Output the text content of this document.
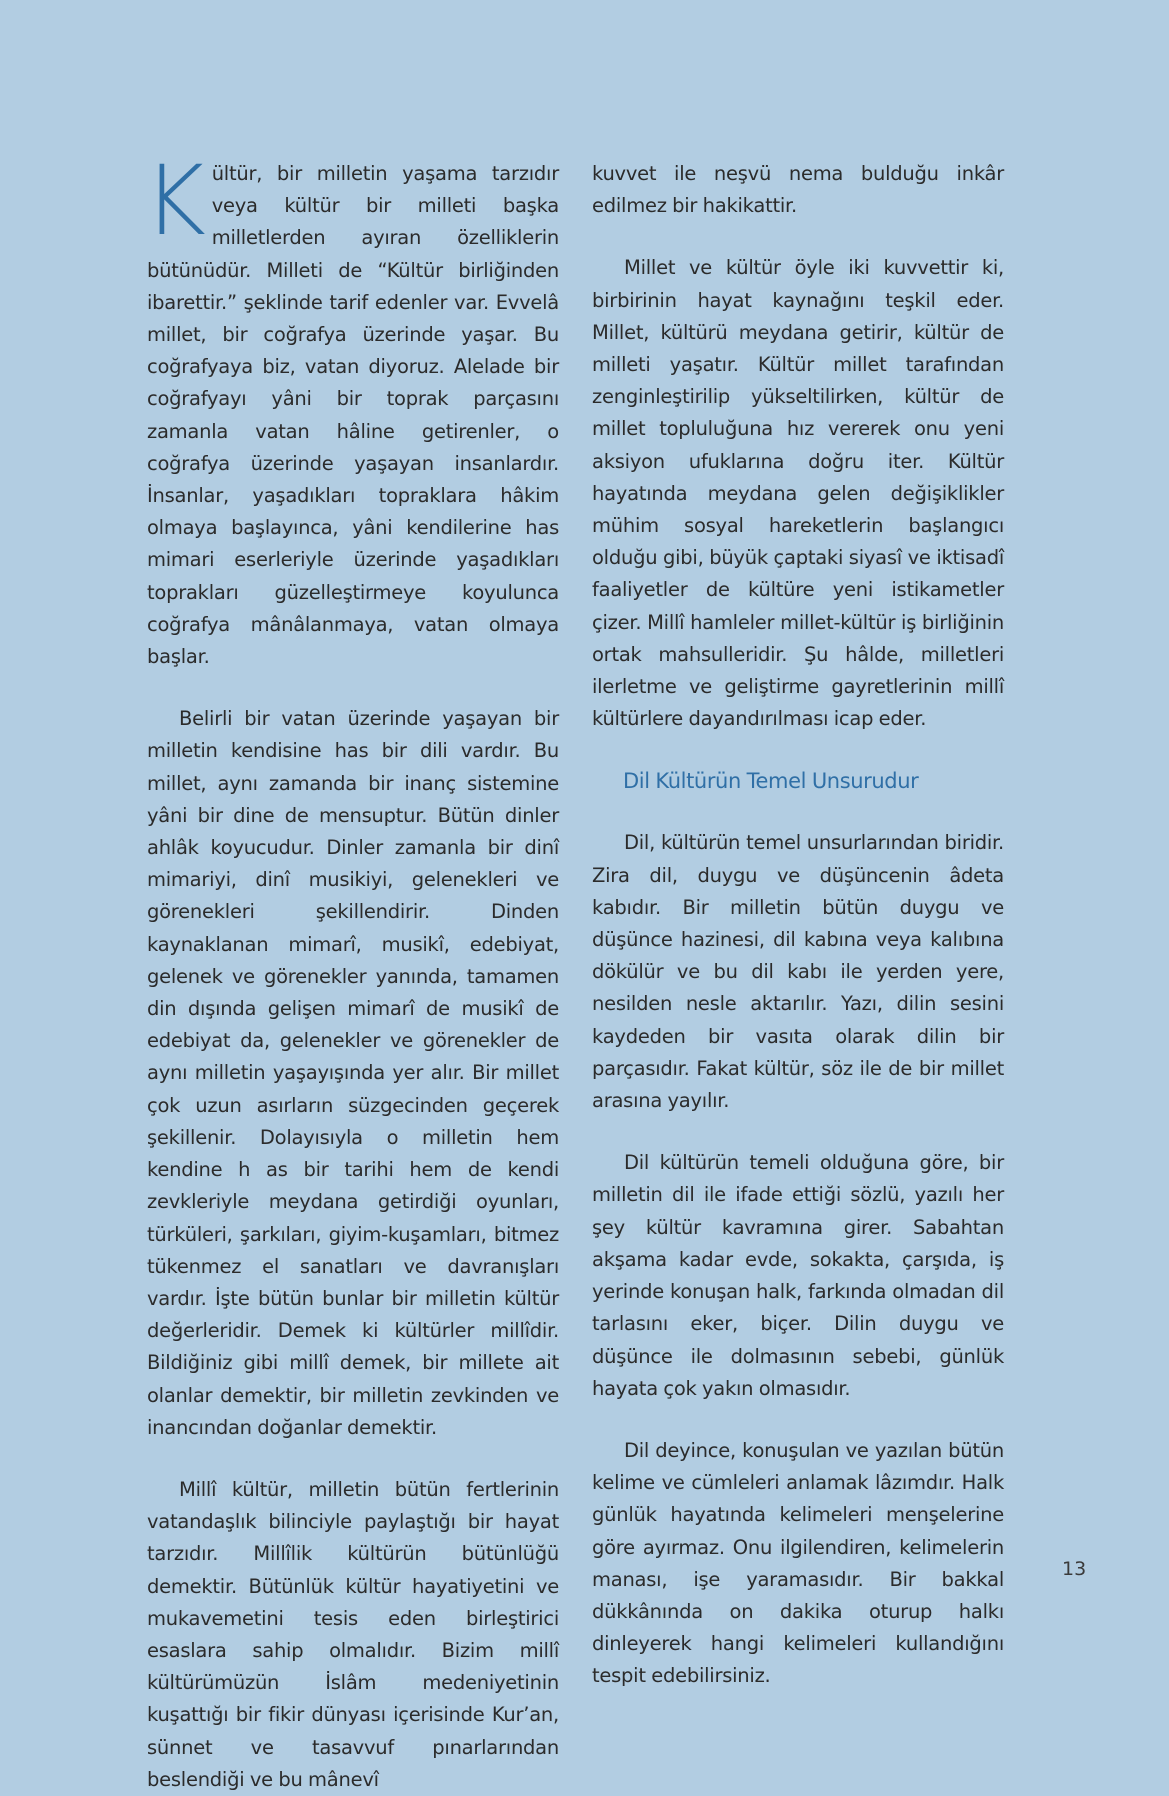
Kültür, bir milletin yaşama tarzıdır veya kültür bir milleti başka milletlerden ayıran özelliklerin bütünüdür. Milleti de “Kültür birliğinden ibarettir.” şeklinde tarif edenler var. Evvelâ millet, bir coğrafya üzerinde yaşar. Bu coğrafyaya biz, vatan diyoruz. Alelade bir coğrafyayı yâni bir toprak parçasını zamanla vatan hâline getirenler, o coğrafya üzerinde yaşayan insanlardır. İnsanlar, yaşadıkları topraklara hâkim olmaya başlayınca, yâni kendilerine has mimari eserleriyle üzerinde yaşadıkları toprakları güzelleştirmeye koyulunca coğrafya mânâlanmaya, vatan olmaya başlar.

Belirli bir vatan üzerinde yaşayan bir milletin kendisine has bir dili vardır. Bu millet, aynı zamanda bir inanç sistemine yâni bir dine de mensuptur. Bütün dinler ahlâk koyucudur. Dinler zamanla bir dinî mimariyi, dinî musikiyi, gelenekleri ve görenekleri şekillendirir. Dinden kaynaklanan mimarî, musikî, edebiyat, gelenek ve görenekler yanında, tamamen din dışında gelişen mimarî de musikî de edebiyat da, gelenekler ve görenekler de aynı milletin yaşayışında yer alır. Bir millet çok uzun asırların süzgecinden geçerek şekillenir. Dolayısıyla o milletin hem kendine h as bir tarihi hem de kendi zevkleriyle meydana getirdiği oyunları, türküleri, şarkıları, giyim-kuşamları, bitmez tükenmez el sanatları ve davranışları vardır. İşte bütün bunlar bir milletin kültür değerleridir. Demek ki kültürler millîdir. Bildiğiniz gibi millî demek, bir millete ait olanlar demektir, bir milletin zevkinden ve inancından doğanlar demektir.

Millî kültür, milletin bütün fertlerinin vatandaşlık bilinciyle paylaştığı bir hayat tarzıdır. Millîlik kültürün bütünlüğü demektir. Bütünlük kültür hayatiyetini ve mukavemetini tesis eden birleştirici esaslara sahip olmalıdır. Bizim millî kültürümüzün İslâm medeniyetinin kuşattığı bir fikir dünyası içerisinde Kur’an, sünnet ve tasavvuf pınarlarından beslendiği ve bu mânevî

kuvvet ile neşvü nema bulduğu inkâr edilmez bir hakikattir.

Millet ve kültür öyle iki kuvvettir ki, birbirinin hayat kaynağını teşkil eder. Millet, kültürü meydana getirir, kültür de milleti yaşatır. Kültür millet tarafından zenginleştirilip yükseltilirken, kültür de millet topluluğuna hız vererek onu yeni aksiyon ufuklarına doğru iter. Kültür hayatında meydana gelen değişiklikler mühim sosyal hareketlerin başlangıcı olduğu gibi, büyük çaptaki siyasî ve iktisadî faaliyetler de kültüre yeni istikametler çizer. Millî hamleler millet-kültür iş birliğinin ortak mahsulleridir. Şu hâlde, milletleri ilerletme ve geliştirme gayretlerinin millî kültürlere dayandırılması icap eder.

Dil Kültürün Temel Unsurudur

Dil, kültürün temel unsurlarından biridir. Zira dil, duygu ve düşüncenin âdeta kabıdır. Bir milletin bütün duygu ve düşünce hazinesi, dil kabına veya kalıbına dökülür ve bu dil kabı ile yerden yere, nesilden nesle aktarılır. Yazı, dilin sesini kaydeden bir vasıta olarak dilin bir parçasıdır. Fakat kültür, söz ile de bir millet arasına yayılır.

Dil kültürün temeli olduğuna göre, bir milletin dil ile ifade ettiği sözlü, yazılı her şey kültür kavramına girer. Sabahtan akşama kadar evde, sokakta, çarşıda, iş yerinde konuşan halk, farkında olmadan dil tarlasını eker, biçer. Dilin duygu ve düşünce ile dolmasının sebebi, günlük hayata çok yakın olmasıdır.

Dil deyince, konuşulan ve yazılan bütün kelime ve cümleleri anlamak lâzımdır. Halk günlük hayatında kelimeleri menşelerine göre ayırmaz. Onu ilgilendiren, kelimelerin manası, işe yaramasıdır. Bir bakkal dükkânında on dakika oturup halkı dinleyerek hangi kelimeleri kullandığını tespit edebilirsiniz.

13
